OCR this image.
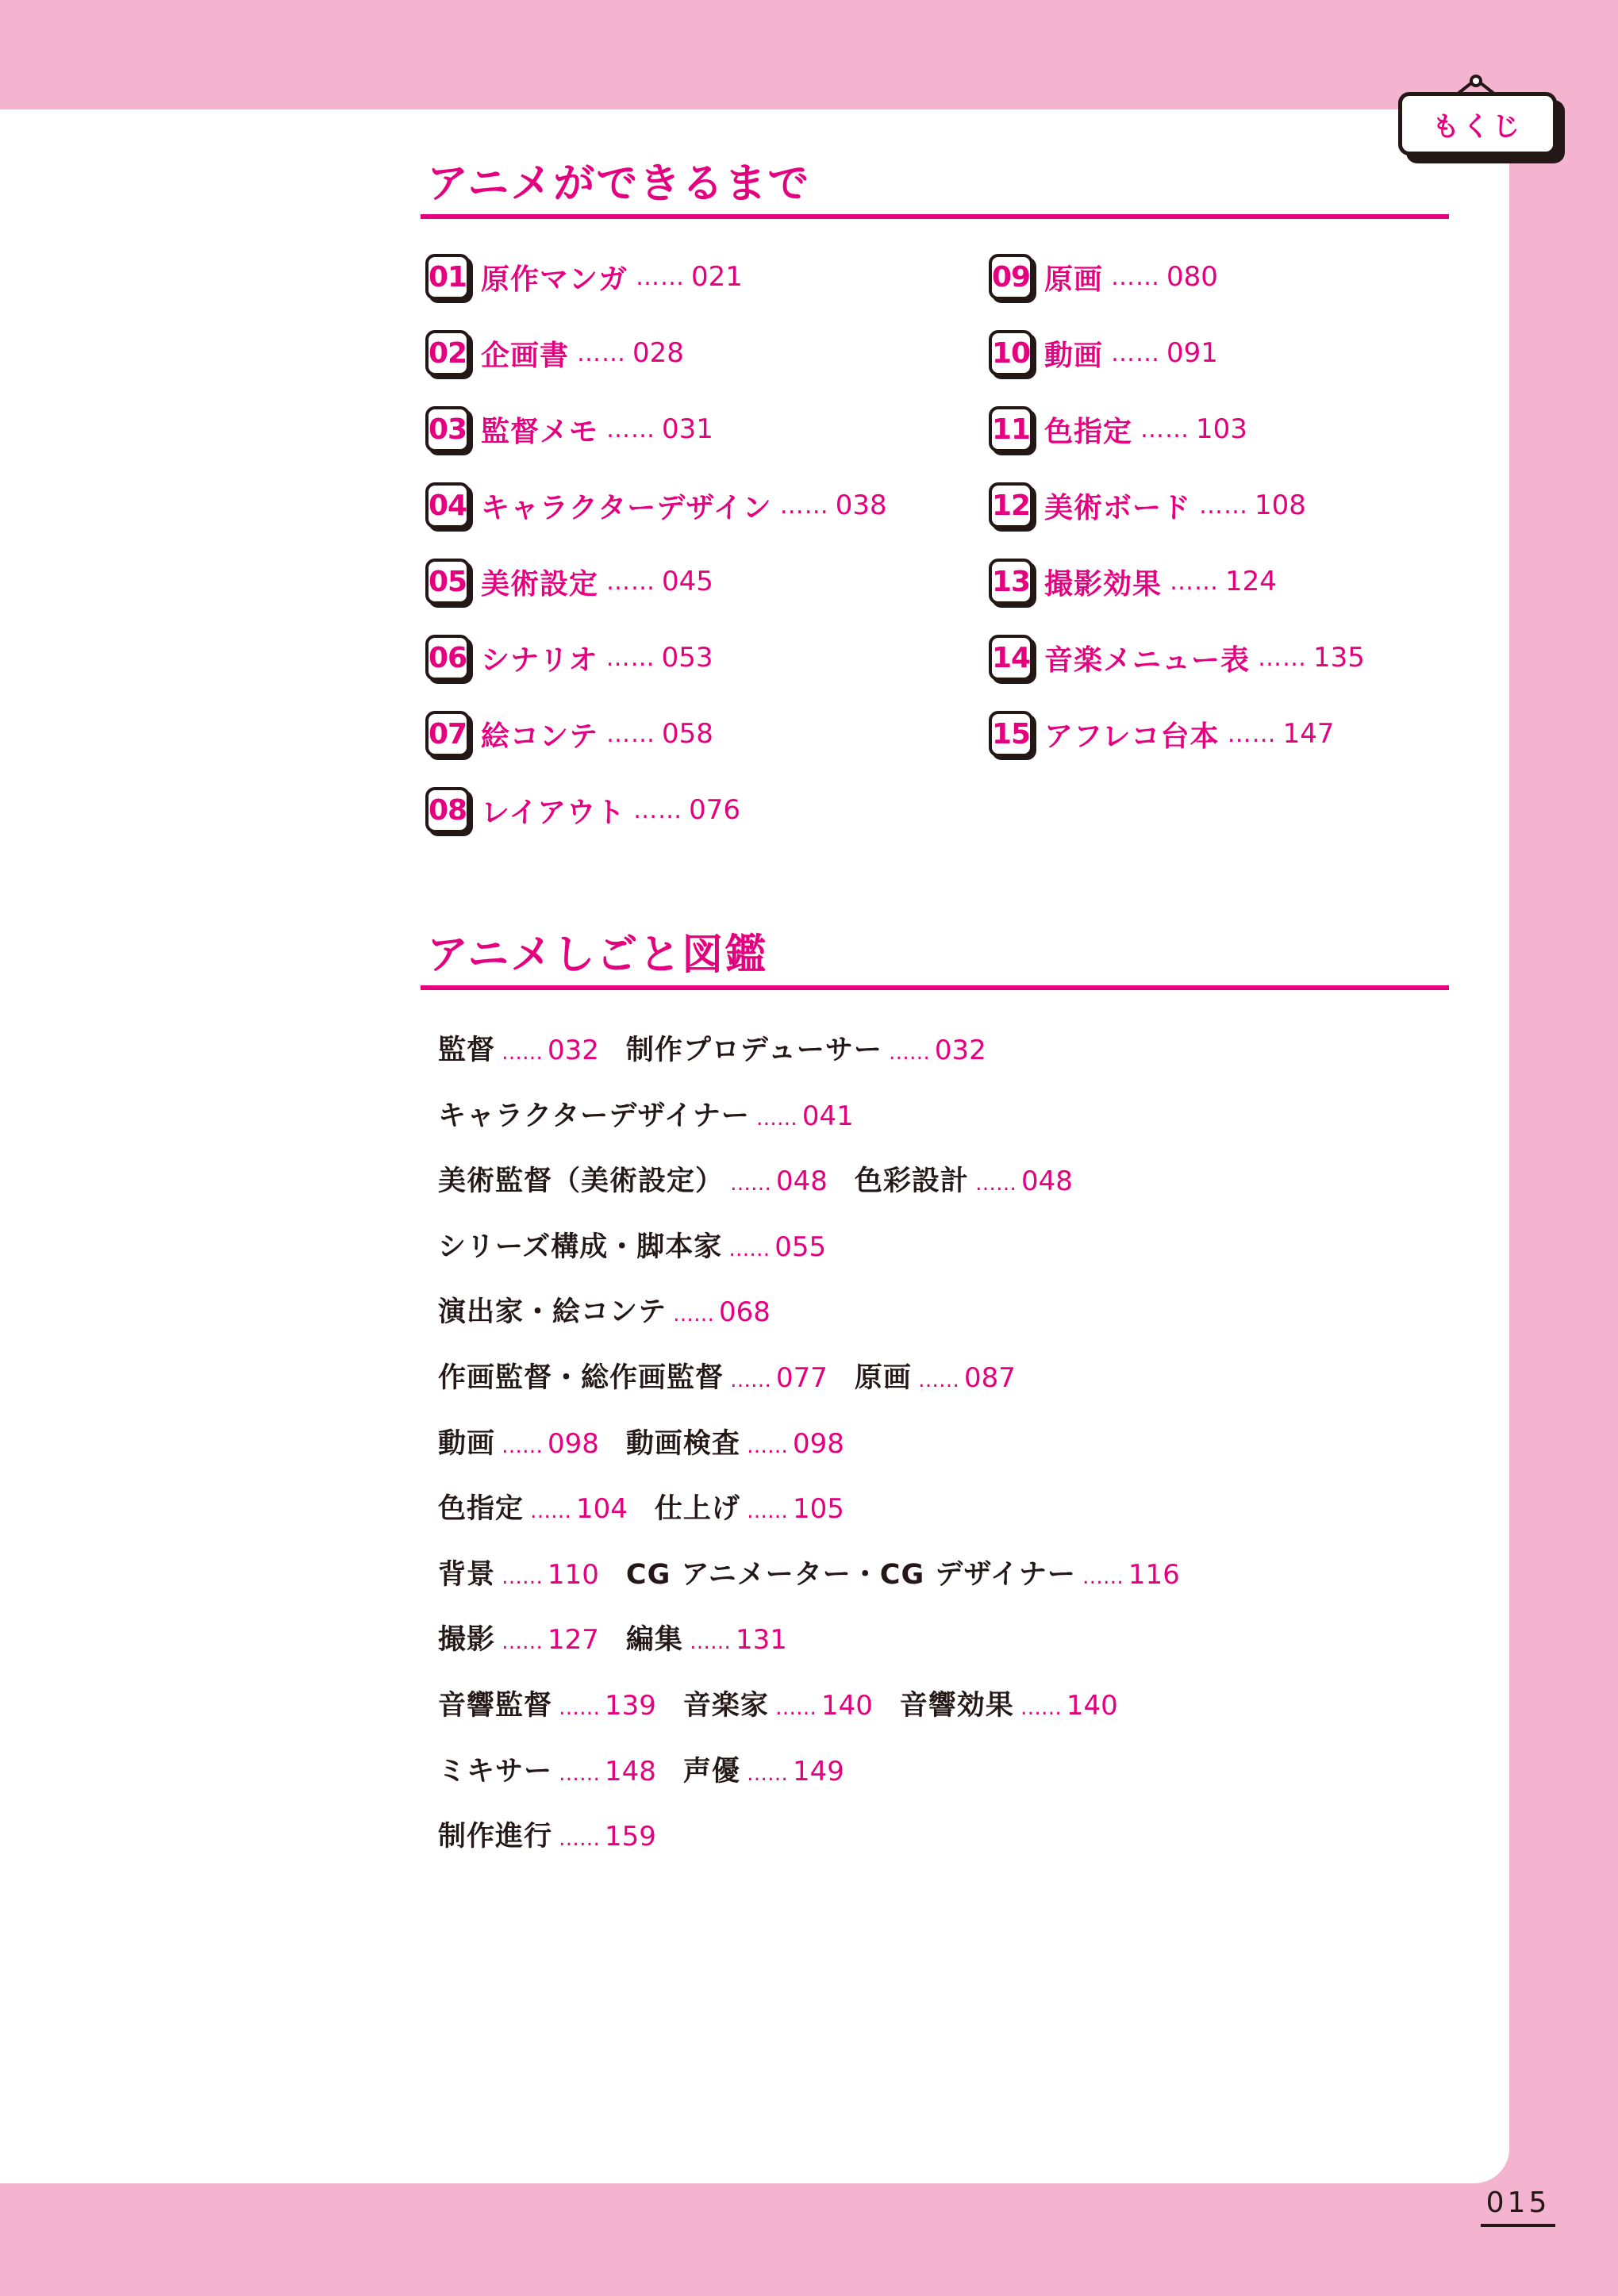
もくじ
アニメができるまで
01 原作マンガ …… 021
02 企画書 …… 028
03 監督メモ …… 031
04 キャラクターデザイン …… 038
05 美術設定 …… 045
06 シナリオ …… 053
07 絵コンテ …… 058
08 レイアウト …… 076
09 原画 …… 080
10 動画 …… 091
11 色指定 …… 103
12 美術ボード …… 108
13 撮影効果 …… 124
14 音楽メニュー表 …… 135
15 アフレコ台本 …… 147
アニメしごと図鑑
監督 …… 032 制作プロデューサー …… 032
キャラクターデザイナー …… 041
美術監督（美術設定） …… 048 色彩設計 …… 048
シリーズ構成・脚本家 …… 055
演出家・絵コンテ …… 068
作画監督・総作画監督 …… 077 原画 …… 087
動画 …… 098 動画検査 …… 098
色指定 …… 104 仕上げ …… 105
背景 …… 110 CG アニメーター・CG デザイナー …… 116
撮影 …… 127 編集 …… 131
音響監督 …… 139 音楽家 …… 140 音響効果 …… 140
ミキサー …… 148 声優 …… 149
制作進行 …… 159
015
